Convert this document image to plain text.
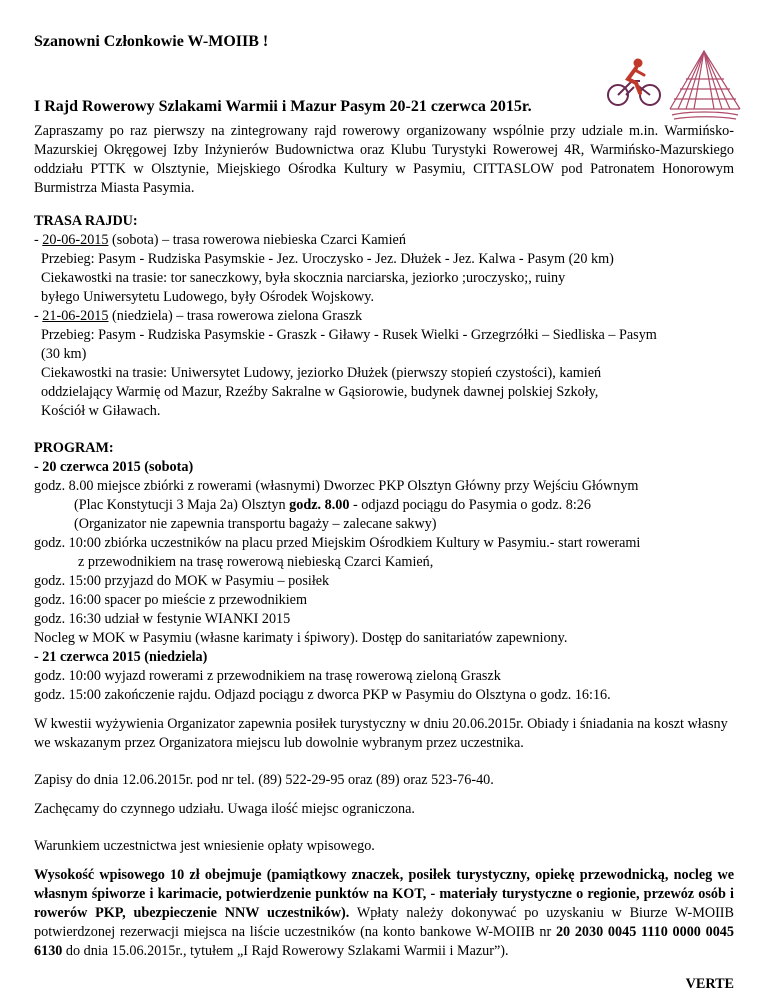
Szanowni Członkowie W-MOIIB !

I Rajd Rowerowy Szlakami Warmii i Mazur Pasym 20-21 czerwca 2015r.

Zapraszamy po raz pierwszy na zintegrowany rajd rowerowy organizowany wspólnie przy udziale m.in. Warmińsko-Mazurskiej Okręgowej Izby Inżynierów Budownictwa oraz Klubu Turystyki Rowerowej 4R, Warmińsko-Mazurskiego oddziału PTTK w Olsztynie, Miejskiego Ośrodka Kultury w Pasymiu, CITTASLOW pod Patronatem Honorowym Burmistrza Miasta Pasymia.

TRASA RAJDU:

- 20-06-2015 (sobota) – trasa rowerowa niebieska Czarci Kamień

Przebieg: Pasym - Rudziska Pasymskie - Jez. Uroczysko - Jez. Dłużek - Jez. Kalwa - Pasym (20 km)

Ciekawostki na trasie: tor saneczkowy, była skocznia narciarska, jeziorko ;uroczysko;, ruiny

byłego Uniwersytetu Ludowego, były Ośrodek Wojskowy.

- 21-06-2015 (niedziela) – trasa rowerowa zielona Graszk

Przebieg: Pasym - Rudziska Pasymskie - Graszk - Giławy - Rusek Wielki - Grzegrzółki – Siedliska – Pasym

(30 km)

Ciekawostki na trasie: Uniwersytet Ludowy, jeziorko Dłużek (pierwszy stopień czystości), kamień

oddzielający Warmię od Mazur, Rzeźby Sakralne w Gąsiorowie, budynek dawnej polskiej Szkoły,

Kościół w Giławach.

PROGRAM:

- 20 czerwca 2015 (sobota)

godz. 8.00 miejsce zbiórki z rowerami (własnymi) Dworzec PKP Olsztyn Główny przy Wejściu Głównym

(Plac Konstytucji 3 Maja 2a) Olsztyn godz. 8.00 - odjazd pociągu do Pasymia o godz. 8:26

(Organizator nie zapewnia transportu bagaży – zalecane sakwy)

godz. 10:00 zbiórka uczestników na placu przed Miejskim Ośrodkiem Kultury w Pasymiu.- start rowerami

z przewodnikiem na trasę rowerową niebieską Czarci Kamień,

godz. 15:00 przyjazd do MOK w Pasymiu – posiłek

godz. 16:00 spacer po mieście z przewodnikiem

godz. 16:30 udział w festynie WIANKI 2015

Nocleg w MOK w Pasymiu (własne karimaty i śpiwory). Dostęp do sanitariatów zapewniony.

- 21 czerwca 2015 (niedziela)

godz. 10:00 wyjazd rowerami z przewodnikiem na trasę rowerową zieloną Graszk

godz. 15:00 zakończenie rajdu. Odjazd pociągu z dworca PKP w Pasymiu do Olsztyna o godz. 16:16.

W kwestii wyżywienia Organizator zapewnia posiłek turystyczny w dniu 20.06.2015r. Obiady i śniadania na koszt własny we wskazanym przez Organizatora miejscu lub dowolnie wybranym przez uczestnika.

Zapisy do dnia 12.06.2015r. pod nr tel. (89) 522-29-95 oraz (89) oraz 523-76-40.

Zachęcamy do czynnego udziału. Uwaga ilość miejsc ograniczona.

Warunkiem uczestnictwa jest wniesienie opłaty wpisowego.

Wysokość wpisowego 10 zł obejmuje (pamiątkowy znaczek, posiłek turystyczny, opiekę przewodnicką, nocleg we własnym śpiworze i karimacie, potwierdzenie punktów na KOT, - materiały turystyczne o regionie, przewóz osób i rowerów PKP, ubezpieczenie NNW uczestników). Wpłaty należy dokonywać po uzyskaniu w Biurze W-MOIIB potwierdzonej rezerwacji miejsca na liście uczestników (na konto bankowe W-MOIIB nr 20 2030 0045 1110 0000 0045 6130 do dnia 15.06.2015r., tytułem „I Rajd Rowerowy Szlakami Warmii i Mazur”).

VERTE
